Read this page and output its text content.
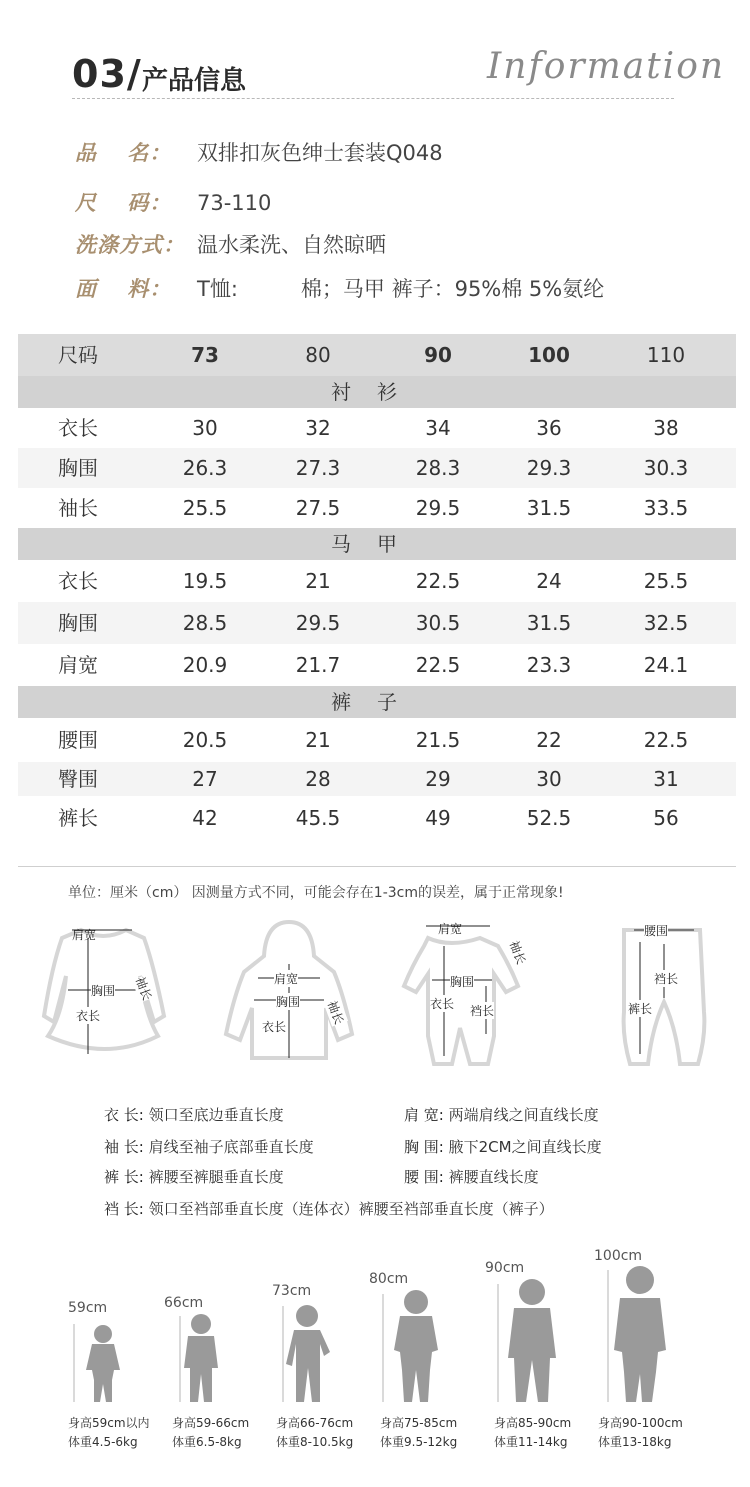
03/ 产品信息	Information
品　 名： 双排扣灰色绅士套装Q048
尺　 码： 73-110
洗涤方式： 温水柔洗、自然晾晒
面　 料： T恤:　　　棉；马甲 裤子：95%棉 5%氨纶
尺码	73	80	90	100	110
衬衫
衣长	30	32	34	36	38
胸围	26.3	27.3	28.3	29.3	30.3
袖长	25.5	27.5	29.5	31.5	33.5
马甲
衣长	19.5	21	22.5	24	25.5
胸围	28.5	29.5	30.5	31.5	32.5
肩宽	20.9	21.7	22.5	23.3	24.1
裤子
腰围	20.5	21	21.5	22	22.5
臀围	27	28	29	30	31
裤长	42	45.5	49	52.5	56
单位：厘米（cm） 因测量方式不同，可能会存在1-3cm的误差，属于正常现象!
肩宽
胸围
衣长
袖长	肩宽
胸围
衣长
袖长
肩宽
胸围
衣长 裆长
袖长
腰围
裆长
裤长
衣 长: 领口至底边垂直长度	肩 宽: 两端肩线之间直线长度
袖 长: 肩线至袖子底部垂直长度	胸 围: 腋下2CM之间直线长度
裤 长: 裤腰至裤腿垂直长度	腰 围: 裤腰直线长度
裆 长: 领口至裆部垂直长度（连体衣）裤腰至裆部垂直长度（裤子）
59cm	66cm
73cm
80cm
90cm
100cm
身高59cm以内
体重4.5-6kg
身高59-66cm
体重6.5-8kg
身高66-76cm
体重8-10.5kg
身高75-85cm
体重9.5-12kg
身高85-90cm
体重11-14kg
身高90-100cm
体重13-18kg
